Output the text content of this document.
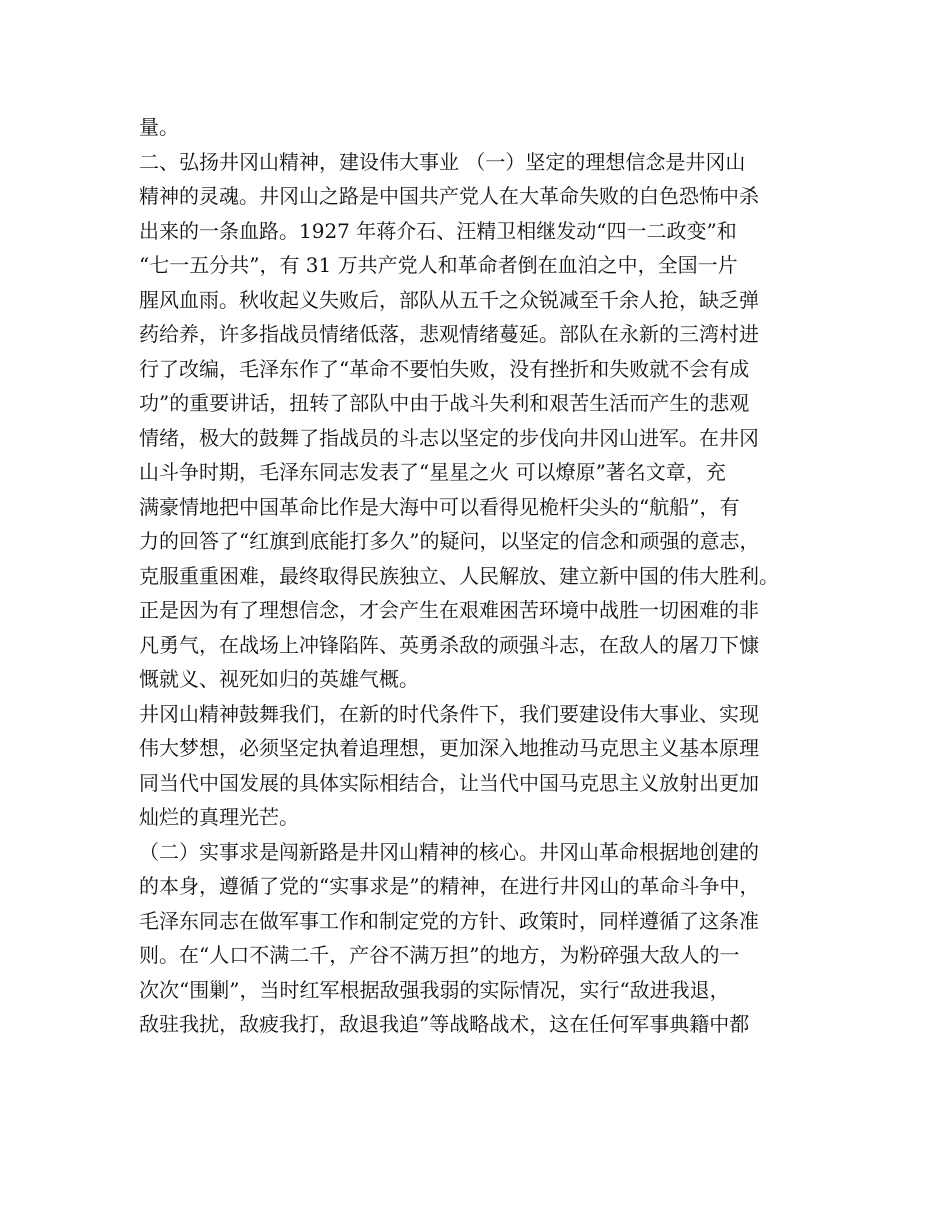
量。
二、弘扬井冈山精神，建设伟大事业 （一）坚定的理想信念是井冈山
精神的灵魂。井冈山之路是中国共产党人在大革命失败的白色恐怖中杀
出来的一条血路。1927 年蒋介石、汪精卫相继发动“四一二政变”和
“七一五分共”，有 31 万共产党人和革命者倒在血泊之中，全国一片
腥风血雨。秋收起义失败后，部队从五千之众锐减至千余人抢，缺乏弹
药给养，许多指战员情绪低落，悲观情绪蔓延。部队在永新的三湾村进
行了改编，毛泽东作了“革命不要怕失败，没有挫折和失败就不会有成
功”的重要讲话，扭转了部队中由于战斗失利和艰苦生活而产生的悲观
情绪，极大的鼓舞了指战员的斗志以坚定的步伐向井冈山进军。在井冈
山斗争时期，毛泽东同志发表了“星星之火 可以燎原”著名文章，充
满豪情地把中国革命比作是大海中可以看得见桅杆尖头的“航船”，有
力的回答了“红旗到底能打多久”的疑问，以坚定的信念和顽强的意志，
克服重重困难，最终取得民族独立、人民解放、建立新中国的伟大胜利。
正是因为有了理想信念，才会产生在艰难困苦环境中战胜一切困难的非
凡勇气，在战场上冲锋陷阵、英勇杀敌的顽强斗志，在敌人的屠刀下慷
慨就义、视死如归的英雄气概。
井冈山精神鼓舞我们，在新的时代条件下，我们要建设伟大事业、实现
伟大梦想，必须坚定执着追理想，更加深入地推动马克思主义基本原理
同当代中国发展的具体实际相结合，让当代中国马克思主义放射出更加
灿烂的真理光芒。
（二）实事求是闯新路是井冈山精神的核心。井冈山革命根据地创建的
的本身，遵循了党的“实事求是”的精神，在进行井冈山的革命斗争中，
毛泽东同志在做军事工作和制定党的方针、政策时，同样遵循了这条准
则。在“人口不满二千，产谷不满万担”的地方，为粉碎强大敌人的一
次次“围剿”，当时红军根据敌强我弱的实际情况，实行“敌进我退，
敌驻我扰，敌疲我打，敌退我追”等战略战术，这在任何军事典籍中都
